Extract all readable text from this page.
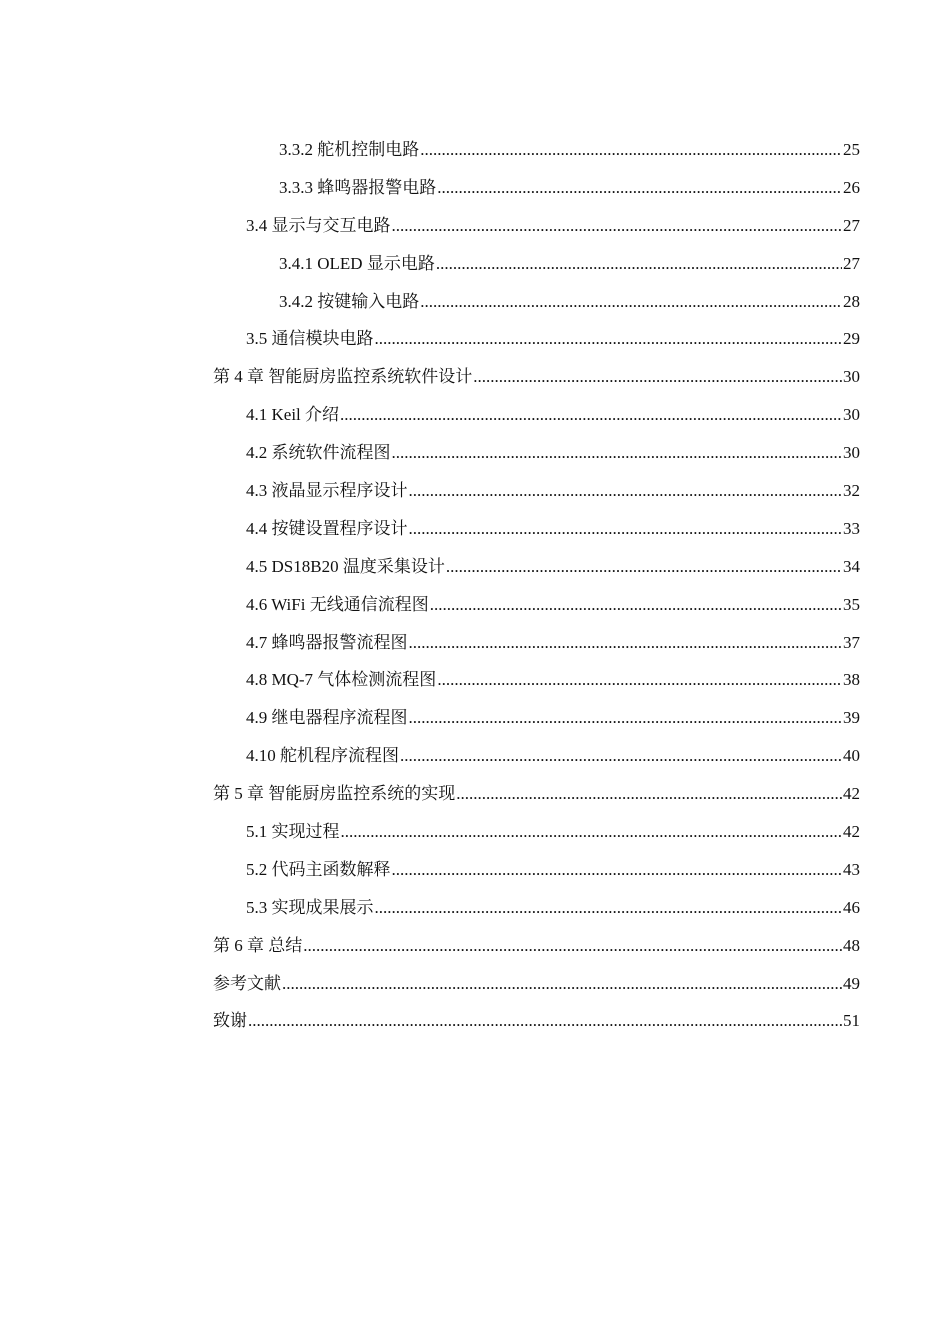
3.3.2 舵机控制电路 .....	25
3.3.3 蜂鸣器报警电路 .....	26
3.4 显示与交互电路 .....	27
3.4.1 OLED 显示电路 .....	27
3.4.2 按键输入电路 .....	28
3.5 通信模块电路 .....	29
第 4 章 智能厨房监控系统软件设计 .....	30
4.1 Keil 介绍 .....	30
4.2 系统软件流程图 .....	30
4.3 液晶显示程序设计 .....	32
4.4 按键设置程序设计 .....	33
4.5 DS18B20 温度采集设计 .....	34
4.6 WiFi 无线通信流程图 .....	35
4.7 蜂鸣器报警流程图 .....	37
4.8 MQ-7 气体检测流程图 .....	38
4.9 继电器程序流程图 .....	39
4.10 舵机程序流程图 .....	40
第 5 章 智能厨房监控系统的实现 .....	42
5.1 实现过程 .....	42
5.2 代码主函数解释 .....	43
5.3 实现成果展示 .....	46
第 6 章 总结 .....	48
参考文献 .....	49
致谢 .....	51
